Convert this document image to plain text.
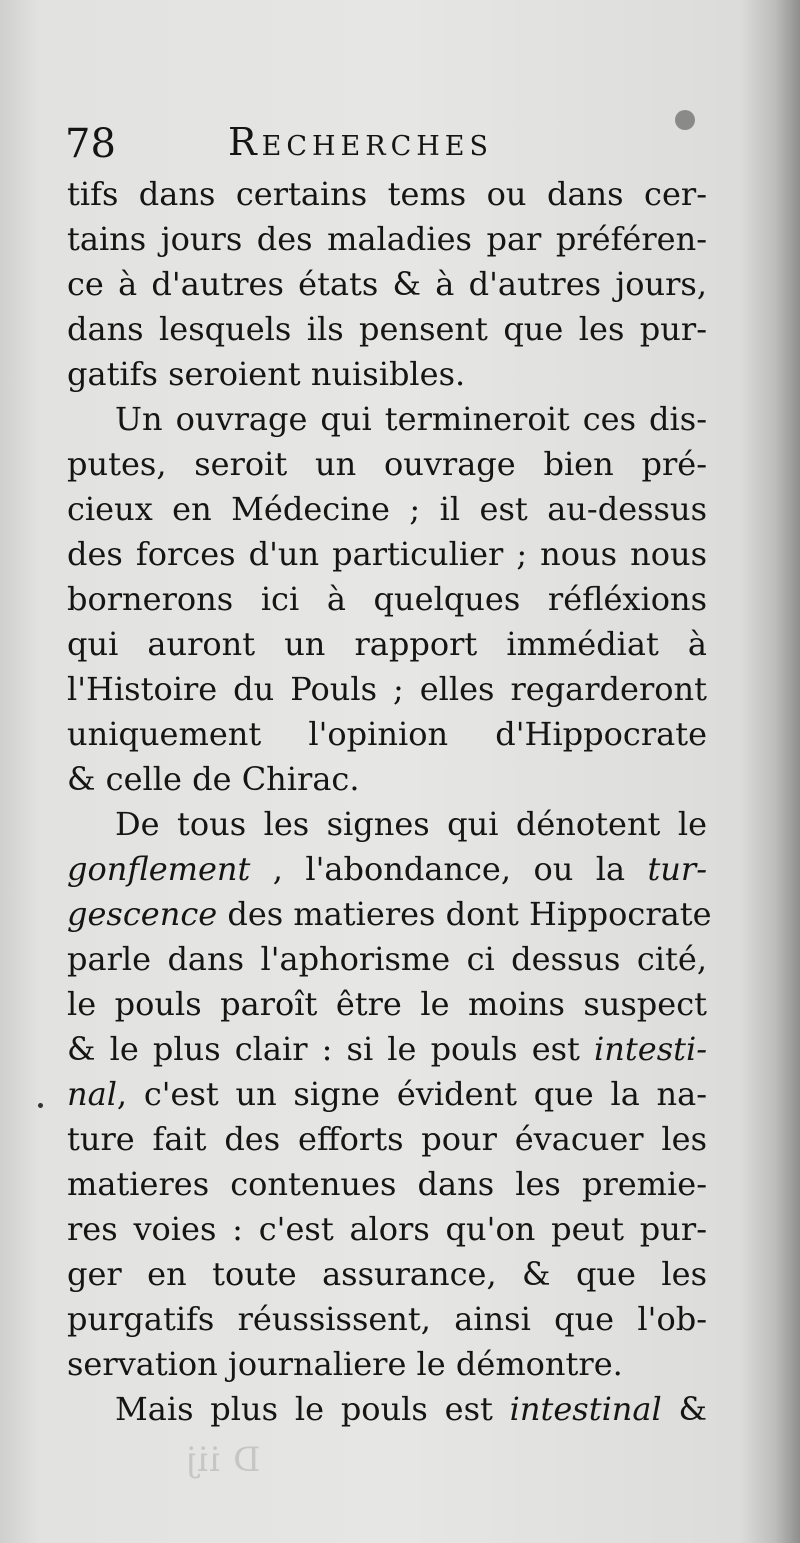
78	Recherches
tifs dans certains tems ou dans cer-
tains jours des maladies par préféren-
ce à d'autres états & à d'autres jours,
dans lesquels ils pensent que les pur-
gatifs seroient nuisibles.
Un ouvrage qui termineroit ces dis-
putes, seroit un ouvrage bien pré-
cieux en Médecine ; il est au-dessus
des forces d'un particulier ; nous nous
bornerons ici à quelques réfléxions
qui auront un rapport immédiat à
l'Histoire du Pouls ; elles regarderont
uniquement l'opinion d'Hippocrate
& celle de Chirac.
De tous les signes qui dénotent le
gonflement , l'abondance, ou la tur-
gescence des matieres dont Hippocrate
parle dans l'aphorisme ci dessus cité,
le pouls paroît être le moins suspect
& le plus clair : si le pouls est intesti-
nal, c'est un signe évident que la na-
ture fait des efforts pour évacuer les
matieres contenues dans les premie-
res voies : c'est alors qu'on peut pur-
ger en toute assurance, & que les
purgatifs réussissent, ainsi que l'ob-
servation journaliere le démontre.
Mais plus le pouls est intestinal &
D iij
